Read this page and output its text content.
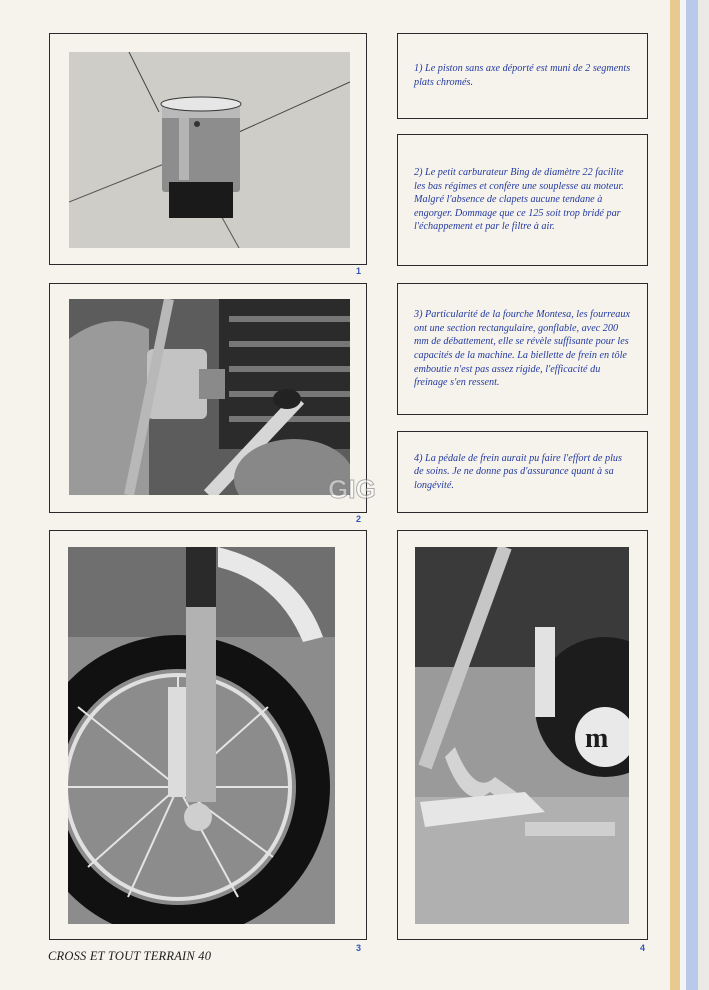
1

1) Le piston sans axe déporté est muni de 2 segments plats chromés.

2) Le petit carburateur Bing de diamètre 22 facilite les bas régimes et confère une souplesse au moteur. Malgré l'absence de clapets aucune tendane à engorger. Dommage que ce 125 soit trop bridé par l'échappement et par le filtre à air.

GIG
2

3) Particularité de la fourche Montesa, les fourreaux ont une section rectangulaire, gonflable, avec 200 mm de débattement, elle se révèle suffisante pour les capacités de la machine. La biellette de frein en tôle emboutie n'est pas assez rigide, l'efficacité du freinage s'en ressent.

4) La pédale de frein aurait pu faire l'effort de plus de soins. Je ne donne pas d'assurance quant à sa longévité.

3
m
4
CROSS ET TOUT TERRAIN 40
